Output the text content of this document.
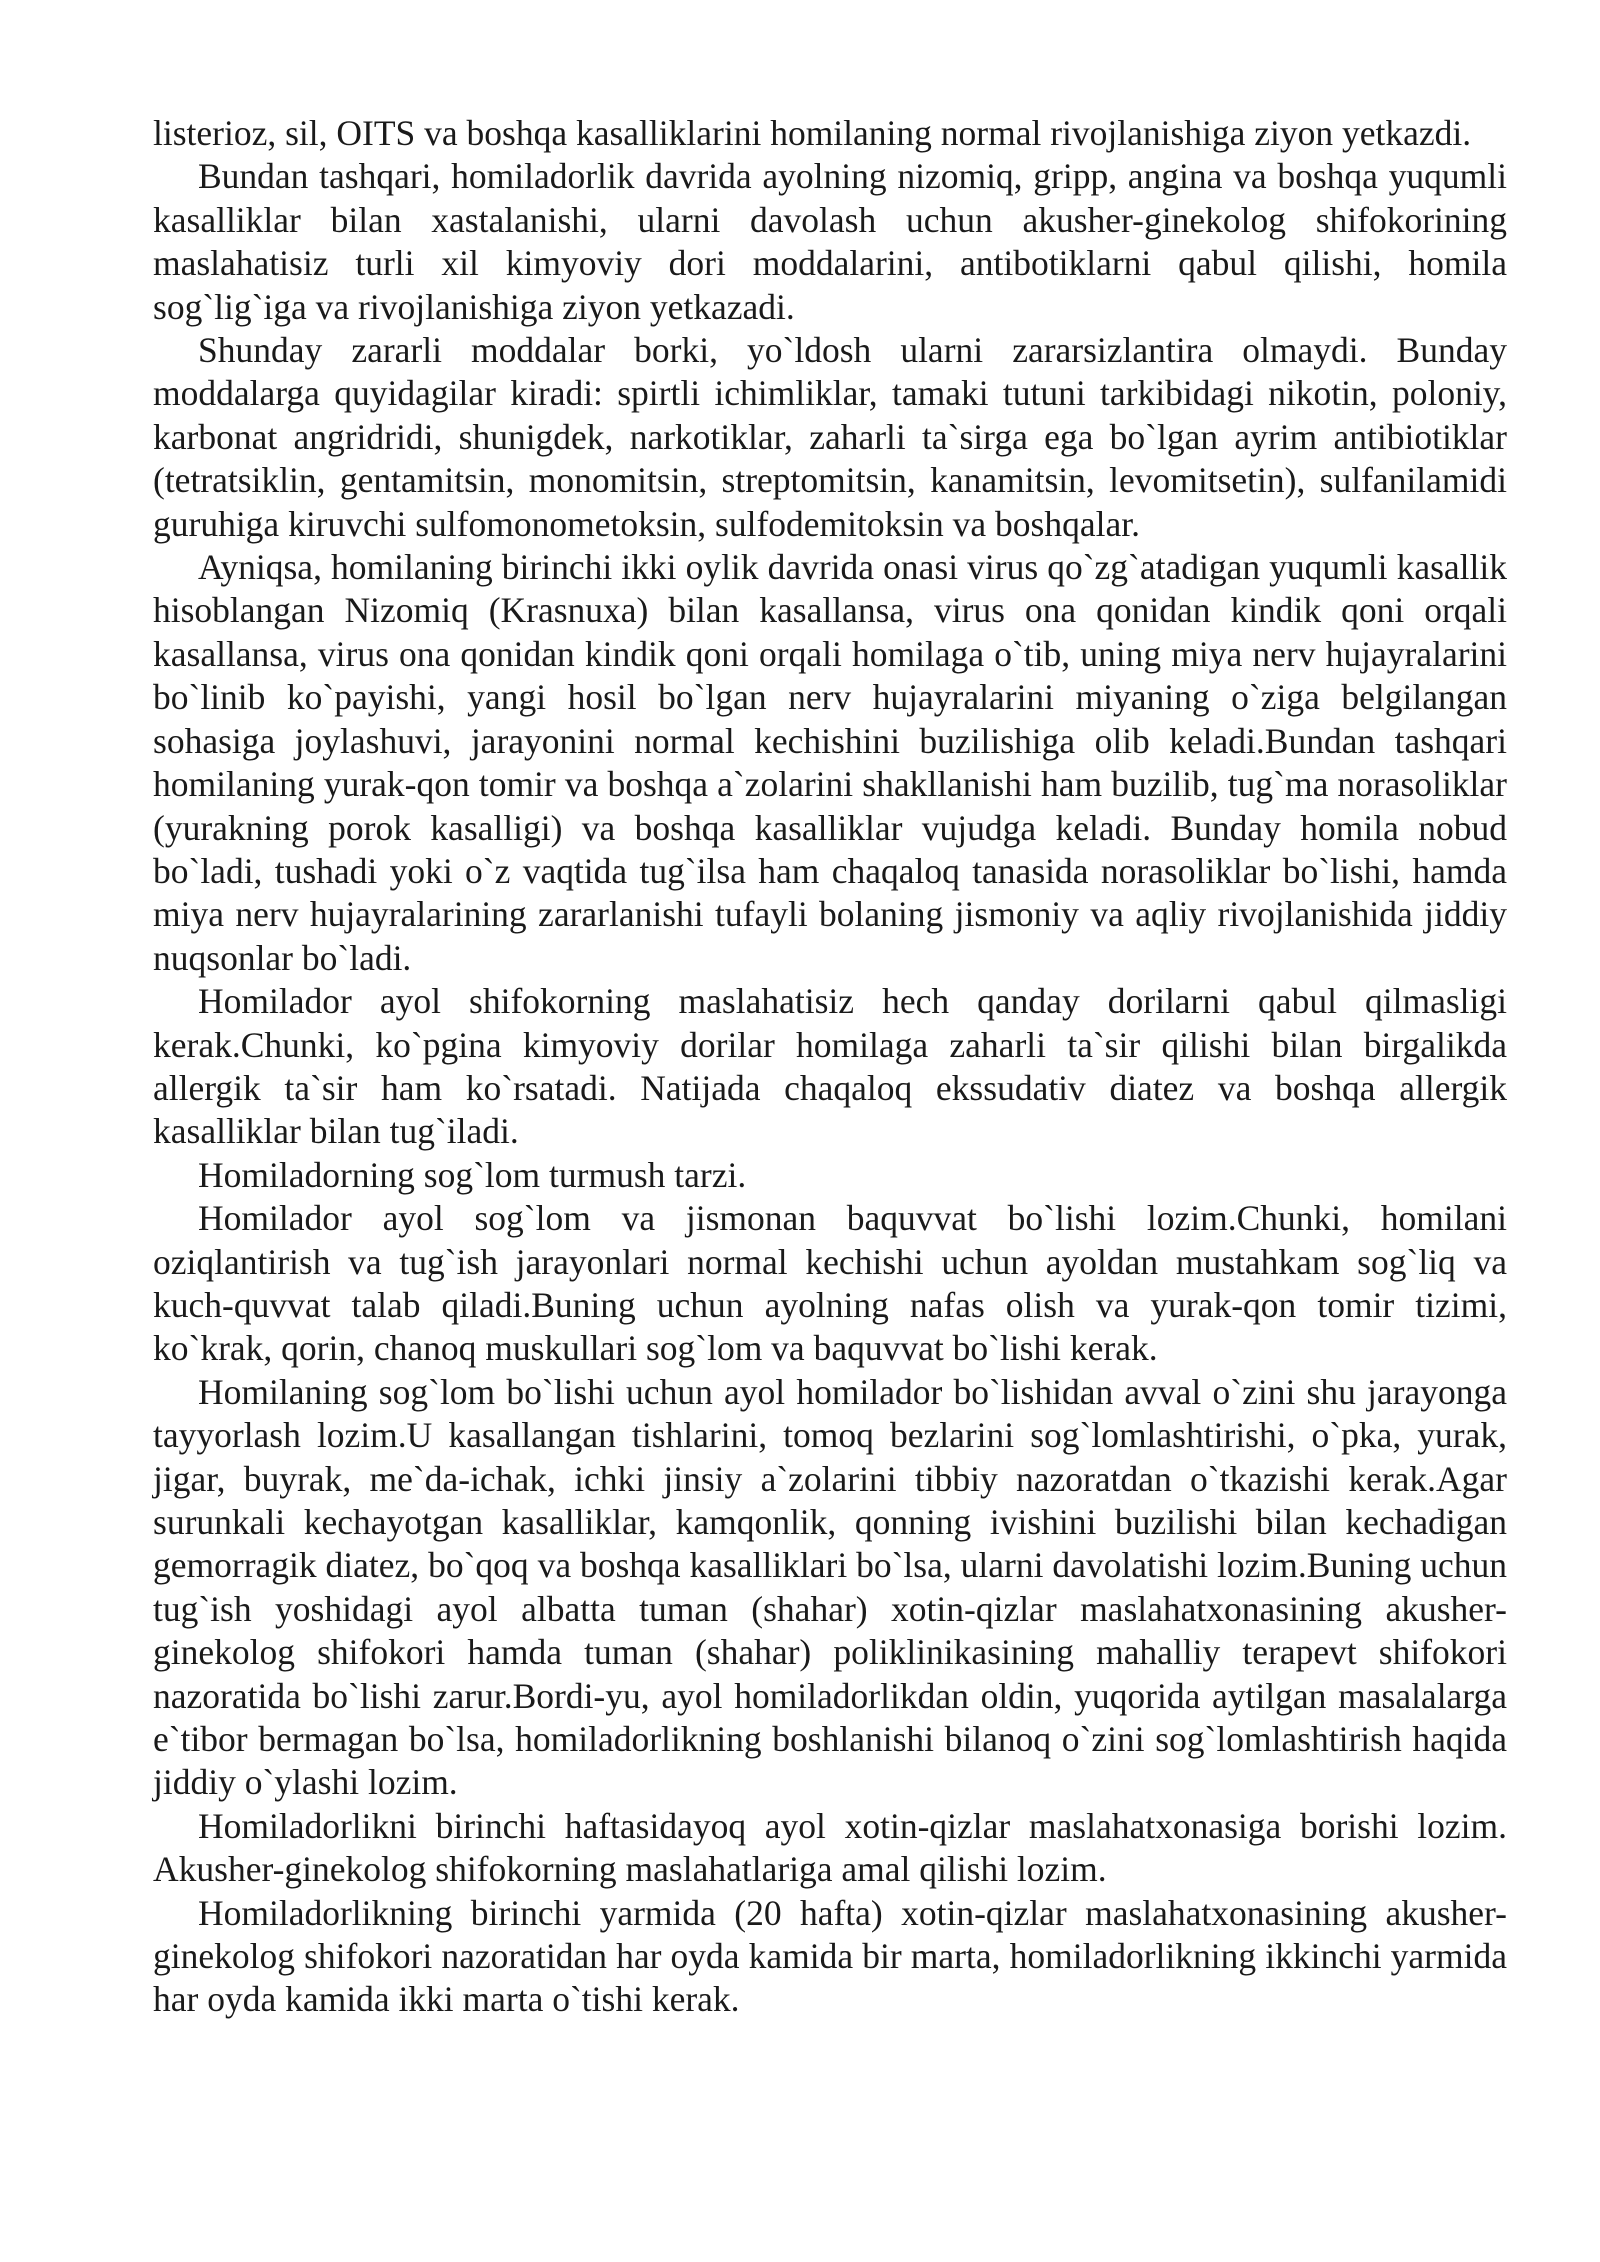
listerioz, sil, OITS va boshqa kasalliklarini homilaning normal rivojlanishiga ziyon yetkazdi.

Bundan tashqari, homiladorlik davrida ayolning nizomiq, gripp, angina va boshqa yuqumli kasalliklar bilan xastalanishi, ularni davolash uchun akusher-ginekolog shifokorining maslahatisiz turli xil kimyoviy dori moddalarini, antibotiklarni qabul qilishi, homila sog`lig`iga va rivojlanishiga ziyon yetkazadi.

Shunday zararli moddalar borki, yo`ldosh ularni zararsizlantira olmaydi. Bunday moddalarga quyidagilar kiradi: spirtli ichimliklar, tamaki tutuni tarkibidagi nikotin, poloniy, karbonat angridridi, shunigdek, narkotiklar, zaharli ta`sirga ega bo`lgan ayrim antibiotiklar (tetratsiklin, gentamitsin, monomitsin, streptomitsin, kanamitsin, levomitsetin), sulfanilamidi guruhiga kiruvchi sulfomonometoksin, sulfodemitoksin va boshqalar.

Ayniqsa, homilaning birinchi ikki oylik davrida onasi virus qo`zg`atadigan yuqumli kasallik hisoblangan Nizomiq (Krasnuxa) bilan kasallansa, virus ona qonidan kindik qoni orqali kasallansa, virus ona qonidan kindik qoni orqali homilaga o`tib, uning miya nerv hujayralarini bo`linib ko`payishi, yangi hosil bo`lgan nerv hujayralarini miyaning o`ziga belgilangan sohasiga joylashuvi, jarayonini normal kechishini buzilishiga olib keladi.Bundan tashqari homilaning yurak-qon tomir va boshqa a`zolarini shakllanishi ham buzilib, tug`ma norasoliklar (yurakning porok kasalligi) va boshqa kasalliklar vujudga keladi. Bunday homila nobud bo`ladi, tushadi yoki o`z vaqtida tug`ilsa ham chaqaloq tanasida norasoliklar bo`lishi, hamda miya nerv hujayralarining zararlanishi tufayli bolaning jismoniy va aqliy rivojlanishida jiddiy nuqsonlar bo`ladi.

Homilador ayol shifokorning maslahatisiz hech qanday dorilarni qabul qilmasligi kerak.Chunki, ko`pgina kimyoviy dorilar homilaga zaharli ta`sir qilishi bilan birgalikda allergik ta`sir ham ko`rsatadi. Natijada chaqaloq ekssudativ diatez va boshqa allergik kasalliklar bilan tug`iladi.

Homiladorning sog`lom turmush tarzi.

Homilador ayol sog`lom va jismonan baquvvat bo`lishi lozim.Chunki, homilani oziqlantirish va tug`ish jarayonlari normal kechishi uchun ayoldan mustahkam sog`liq va kuch-quvvat talab qiladi.Buning uchun ayolning nafas olish va yurak-qon tomir tizimi, ko`krak, qorin, chanoq muskullari sog`lom va baquvvat bo`lishi kerak.

Homilaning sog`lom bo`lishi uchun ayol homilador bo`lishidan avval o`zini shu jarayonga tayyorlash lozim.U kasallangan tishlarini, tomoq bezlarini sog`lomlashtirishi, o`pka, yurak, jigar, buyrak, me`da-ichak, ichki jinsiy a`zolarini tibbiy nazoratdan o`tkazishi kerak.Agar surunkali kechayotgan kasalliklar, kamqonlik, qonning ivishini buzilishi bilan kechadigan gemorragik diatez, bo`qoq va boshqa kasalliklari bo`lsa, ularni davolatishi lozim.Buning uchun tug`ish yoshidagi ayol albatta tuman (shahar) xotin-qizlar maslahatxonasining akusher-ginekolog shifokori hamda tuman (shahar) poliklinikasining mahalliy terapevt shifokori nazoratida bo`lishi zarur.Bordi-yu, ayol homiladorlikdan oldin, yuqorida aytilgan masalalarga e`tibor bermagan bo`lsa, homiladorlikning boshlanishi bilanoq o`zini sog`lomlashtirish haqida jiddiy o`ylashi lozim.

Homiladorlikni birinchi haftasidayoq ayol xotin-qizlar maslahatxonasiga borishi lozim. Akusher-ginekolog shifokorning maslahatlariga amal qilishi lozim.

Homiladorlikning birinchi yarmida (20 hafta) xotin-qizlar maslahatxonasining akusher-ginekolog shifokori nazoratidan har oyda kamida bir marta, homiladorlikning ikkinchi yarmida har oyda kamida ikki marta o`tishi kerak.
